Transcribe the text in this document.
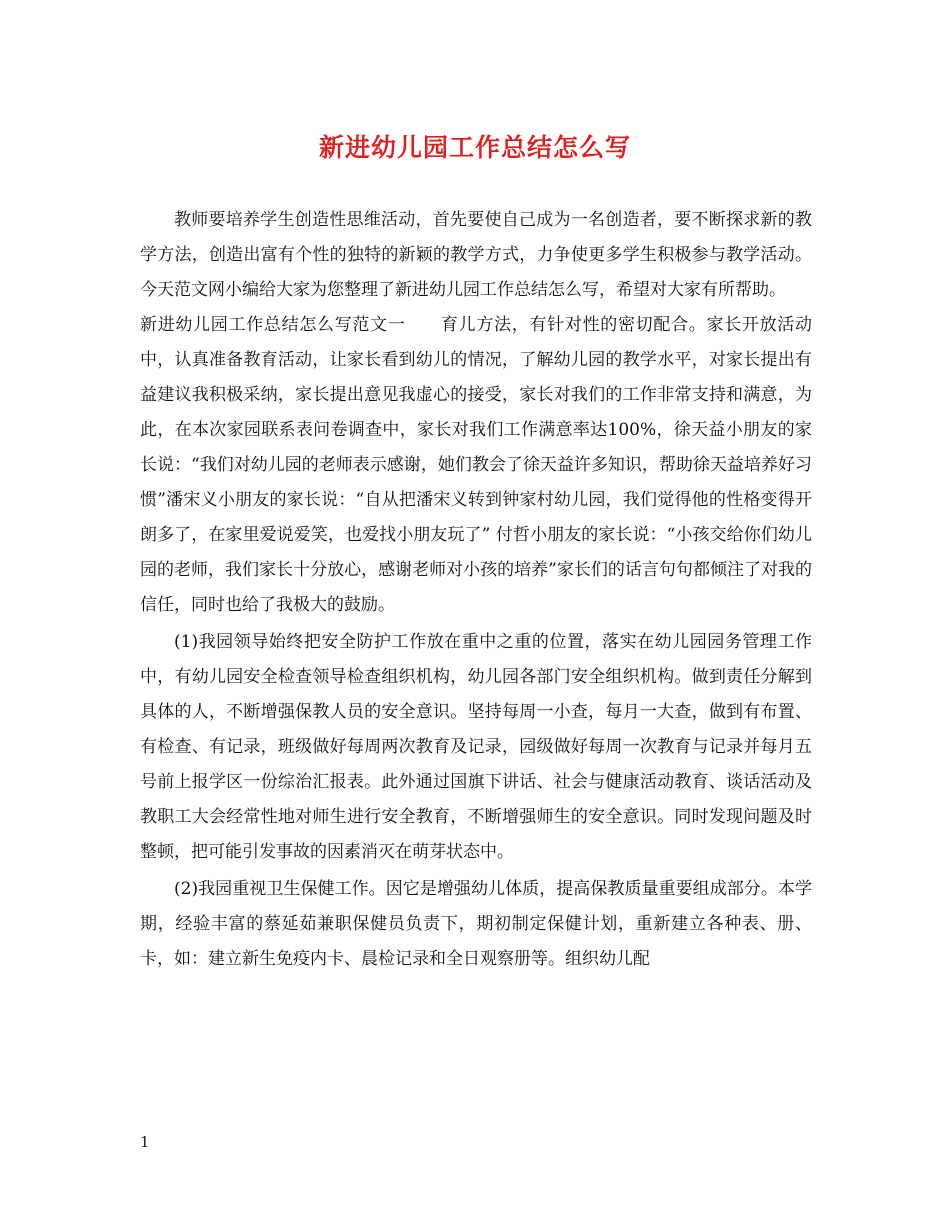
新进幼儿园工作总结怎么写

教师要培养学生创造性思维活动，首先要使自己成为一名创造者，要不断探求新的教学方法，创造出富有个性的独特的新颖的教学方式，力争使更多学生积极参与教学活动。今天范文网小编给大家为您整理了新进幼儿园工作总结怎么写，希望对大家有所帮助。

新进幼儿园工作总结怎么写范文一　　育儿方法，有针对性的密切配合。家长开放活动中，认真准备教育活动，让家长看到幼儿的情况，了解幼儿园的教学水平，对家长提出有益建议我积极采纳，家长提出意见我虚心的接受，家长对我们的工作非常支持和满意，为此，在本次家园联系表问卷调查中，家长对我们工作满意率达100%，徐天益小朋友的家长说：“我们对幼儿园的老师表示感谢，她们教会了徐天益许多知识，帮助徐天益培养好习惯”潘宋义小朋友的家长说：“自从把潘宋义转到钟家村幼儿园，我们觉得他的性格变得开朗多了，在家里爱说爱笑，也爱找小朋友玩了” 付哲小朋友的家长说：“小孩交给你们幼儿园的老师，我们家长十分放心，感谢老师对小孩的培养”家长们的话言句句都倾注了对我的信任，同时也给了我极大的鼓励。

(1)我园领导始终把安全防护工作放在重中之重的位置，落实在幼儿园园务管理工作中，有幼儿园安全检查领导检查组织机构，幼儿园各部门安全组织机构。做到责任分解到具体的人，不断增强保教人员的安全意识。坚持每周一小查，每月一大查，做到有布置、有检查、有记录，班级做好每周两次教育及记录，园级做好每周一次教育与记录并每月五号前上报学区一份综治汇报表。此外通过国旗下讲话、社会与健康活动教育、谈话活动及教职工大会经常性地对师生进行安全教育，不断增强师生的安全意识。同时发现问题及时整顿，把可能引发事故的因素消灭在萌芽状态中。

(2)我园重视卫生保健工作。因它是增强幼儿体质，提高保教质量重要组成部分。本学期，经验丰富的蔡延茹兼职保健员负责下，期初制定保健计划，重新建立各种表、册、卡，如：建立新生免疫内卡、晨检记录和全日观察册等。组织幼儿配

1
